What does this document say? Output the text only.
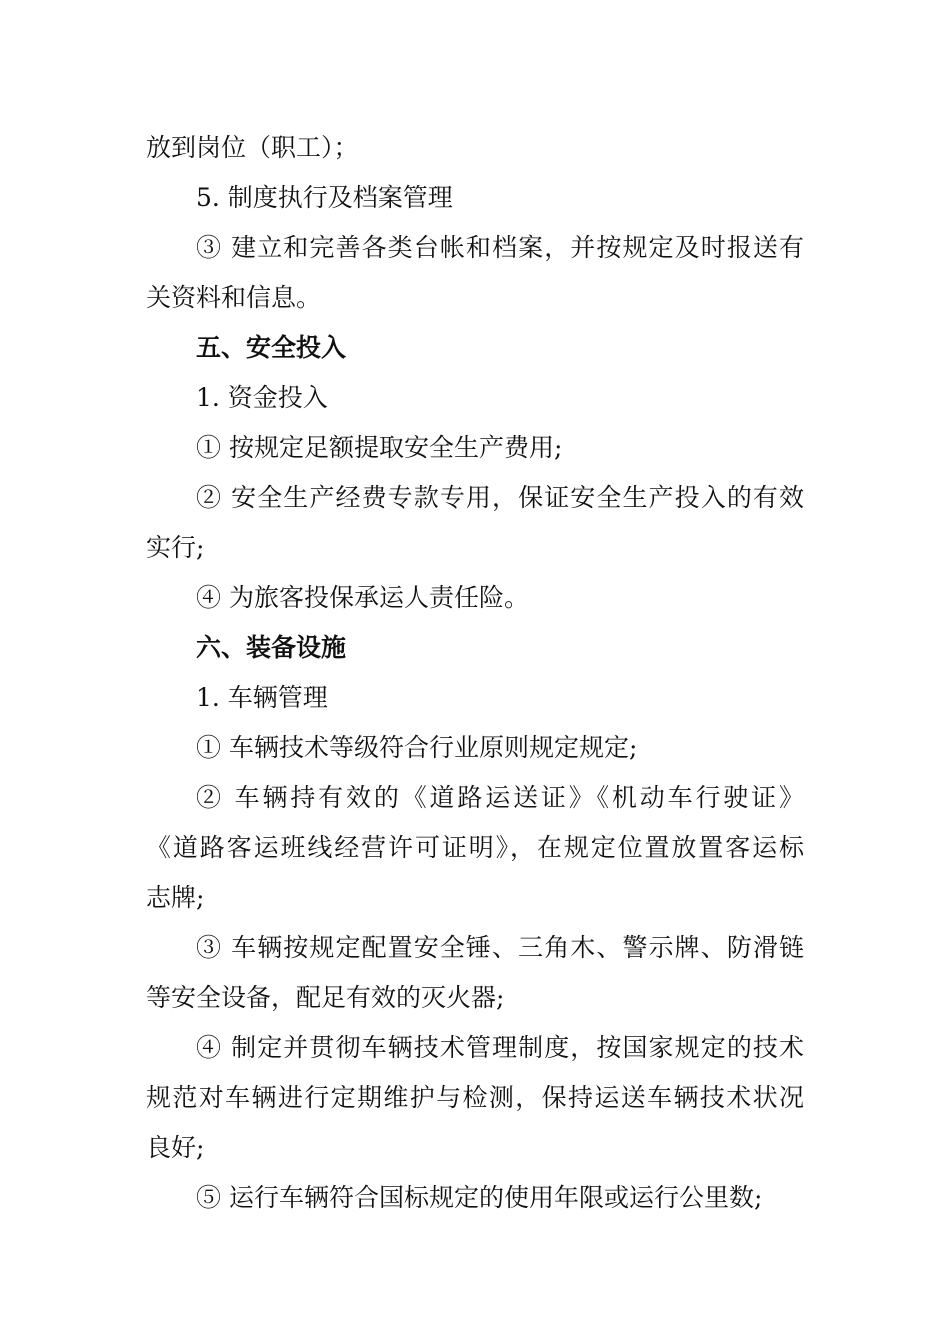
放到岗位（职工）；

5. 制度执行及档案管理

③ 建立和完善各类台帐和档案，并按规定及时报送有

关资料和信息。

五、安全投入

1. 资金投入

① 按规定足额提取安全生产费用;

② 安全生产经费专款专用，保证安全生产投入的有效

实行;

④ 为旅客投保承运人责任险。

六、装备设施

1. 车辆管理

① 车辆技术等级符合行业原则规定规定;

② 车辆持有效的《道路运送证》《机动车行驶证》

《道路客运班线经营许可证明》，在规定位置放置客运标

志牌;

③ 车辆按规定配置安全锤、三角木、警示牌、防滑链

等安全设备，配足有效的灭火器;

④ 制定并贯彻车辆技术管理制度，按国家规定的技术

规范对车辆进行定期维护与检测，保持运送车辆技术状况

良好;

⑤ 运行车辆符合国标规定的使用年限或运行公里数;
